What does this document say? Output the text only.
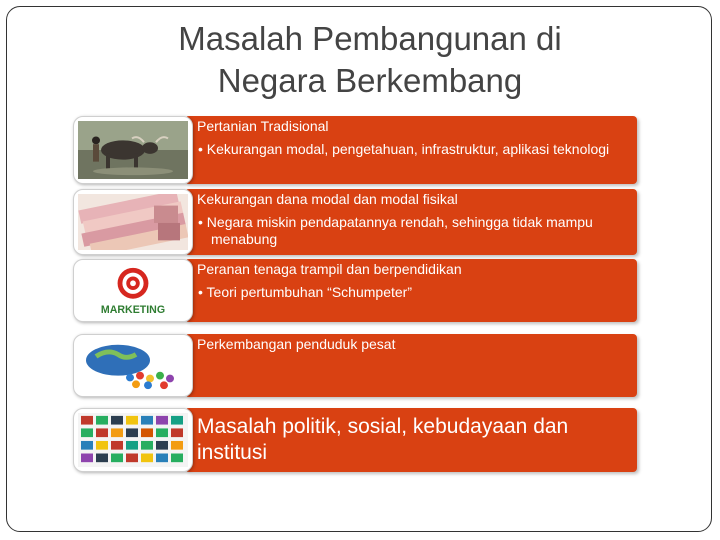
Masalah Pembangunan di
Negara Berkembang
Pertanian Tradisional
• Kekurangan modal, pengetahuan, infrastruktur, aplikasi teknologi
Kekurangan dana modal dan modal fisikal
• Negara miskin pendapatannya rendah, sehingga tidak mampu menabung
MARKETING
Peranan tenaga trampil dan berpendidikan
• Teori pertumbuhan “Schumpeter”
Perkembangan penduduk pesat
Masalah politik, sosial, kebudayaan dan institusi
